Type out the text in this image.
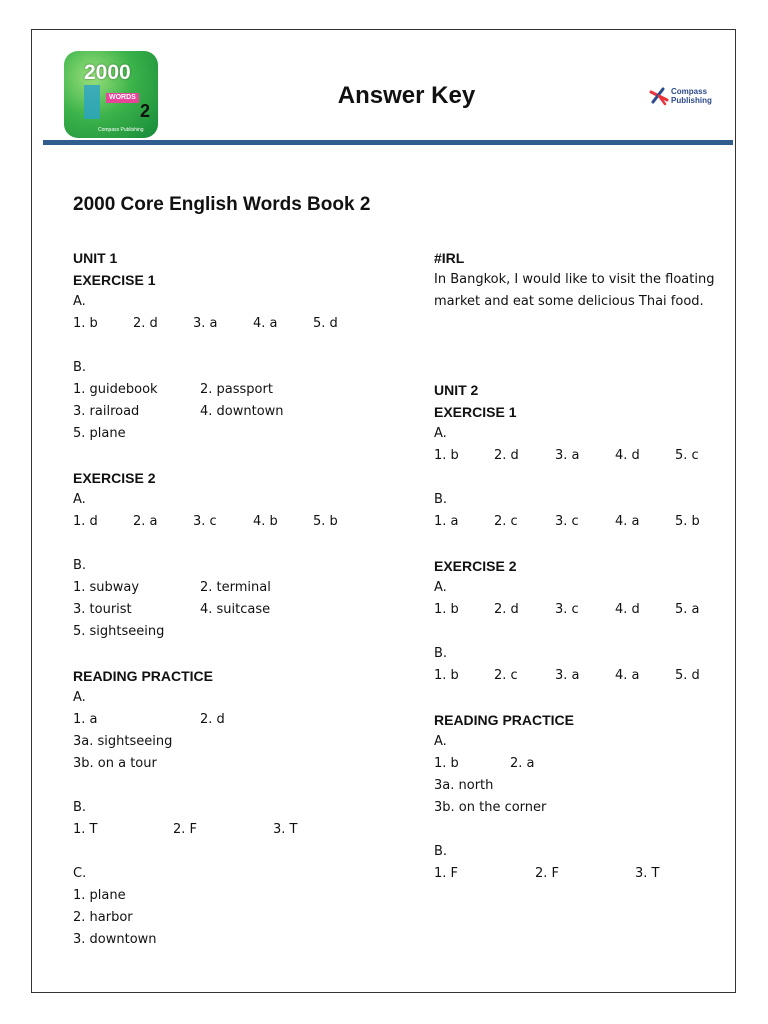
2000
WORDS
2
Compass Publishing
Answer Key	Compass
Publishing
2000 Core English Words Book 2
UNIT 1
EXERCISE 1
A.
1. b	2. d	3. a	4. a	5. d
B.
1. guidebook	2. passport
3. railroad	4. downtown
5. plane
EXERCISE 2
A.
1. d	2. a	3. c	4. b	5. b
B.
1. subway	2. terminal
3. tourist	4. suitcase
5. sightseeing
READING PRACTICE
A.
1. a	2. d
3a. sightseeing
3b. on a tour
B.
1. T	2. F	3. T
C.
1. plane
2. harbor
3. downtown
#IRL
In Bangkok, I would like to visit the floating
market and eat some delicious Thai food.
UNIT 2
EXERCISE 1
A.
1. b	2. d	3. a	4. d	5. c
B.
1. a	2. c	3. c	4. a	5. b
EXERCISE 2
A.
1. b	2. d	3. c	4. d	5. a
B.
1. b	2. c	3. a	4. a	5. d
READING PRACTICE
A.
1. b	2. a
3a. north
3b. on the corner
B.
1. F	2. F	3. T
